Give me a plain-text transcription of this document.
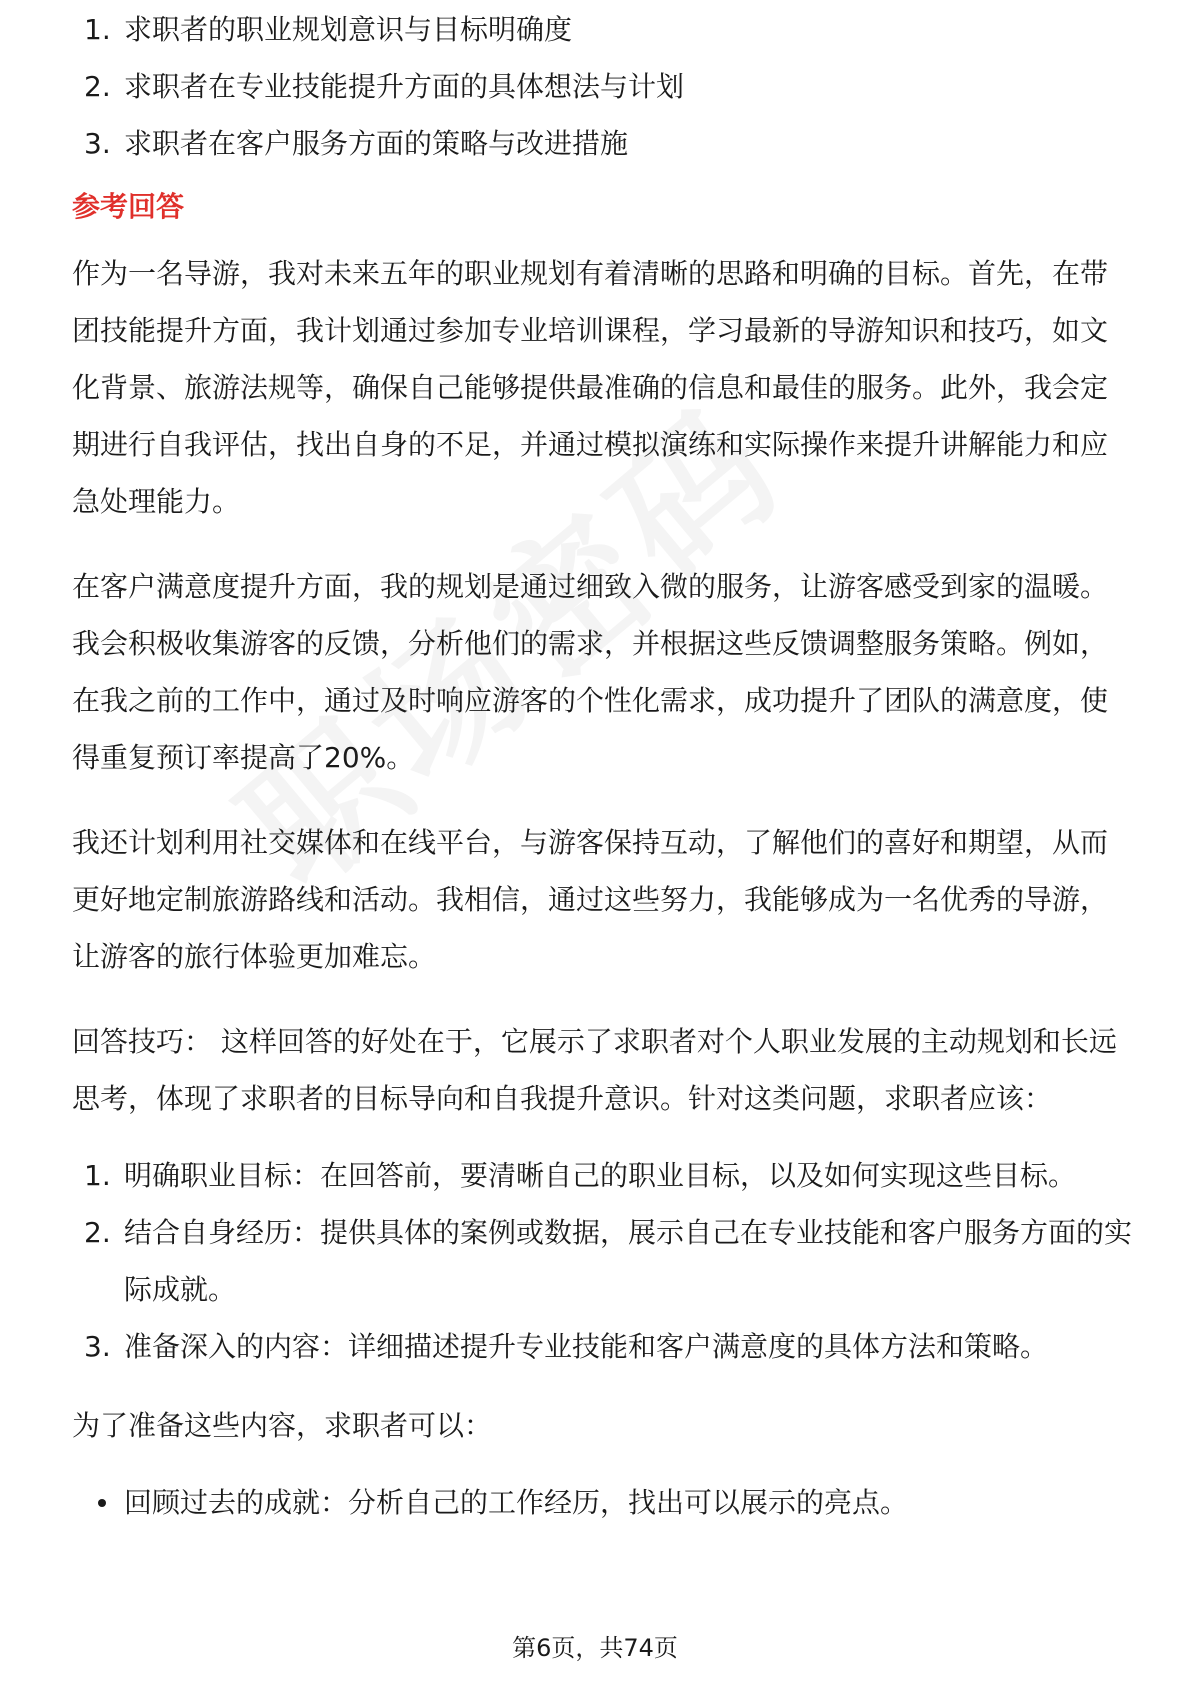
1. 求职者的职业规划意识与目标明确度
2. 求职者在专业技能提升方面的具体想法与计划
3. 求职者在客户服务方面的策略与改进措施
参考回答

作为一名导游，我对未来五年的职业规划有着清晰的思路和明确的目标。首先，在带团技能提升方面，我计划通过参加专业培训课程，学习最新的导游知识和技巧，如文化背景、旅游法规等，确保自己能够提供最准确的信息和最佳的服务。此外，我会定期进行自我评估，找出自身的不足，并通过模拟演练和实际操作来提升讲解能力和应急处理能力。

在客户满意度提升方面，我的规划是通过细致入微的服务，让游客感受到家的温暖。我会积极收集游客的反馈，分析他们的需求，并根据这些反馈调整服务策略。例如，在我之前的工作中，通过及时响应游客的个性化需求，成功提升了团队的满意度，使得重复预订率提高了20%。

我还计划利用社交媒体和在线平台，与游客保持互动，了解他们的喜好和期望，从而更好地定制旅游路线和活动。我相信，通过这些努力，我能够成为一名优秀的导游，让游客的旅行体验更加难忘。

回答技巧： 这样回答的好处在于，它展示了求职者对个人职业发展的主动规划和长远思考，体现了求职者的目标导向和自我提升意识。针对这类问题，求职者应该：

1. 明确职业目标：在回答前，要清晰自己的职业目标，以及如何实现这些目标。
2. 结合自身经历：提供具体的案例或数据，展示自己在专业技能和客户服务方面的实际成就。
3. 准备深入的内容：详细描述提升专业技能和客户满意度的具体方法和策略。

为了准备这些内容，求职者可以：

回顾过去的成就：分析自己的工作经历，找出可以展示的亮点。
第6页，共74页
